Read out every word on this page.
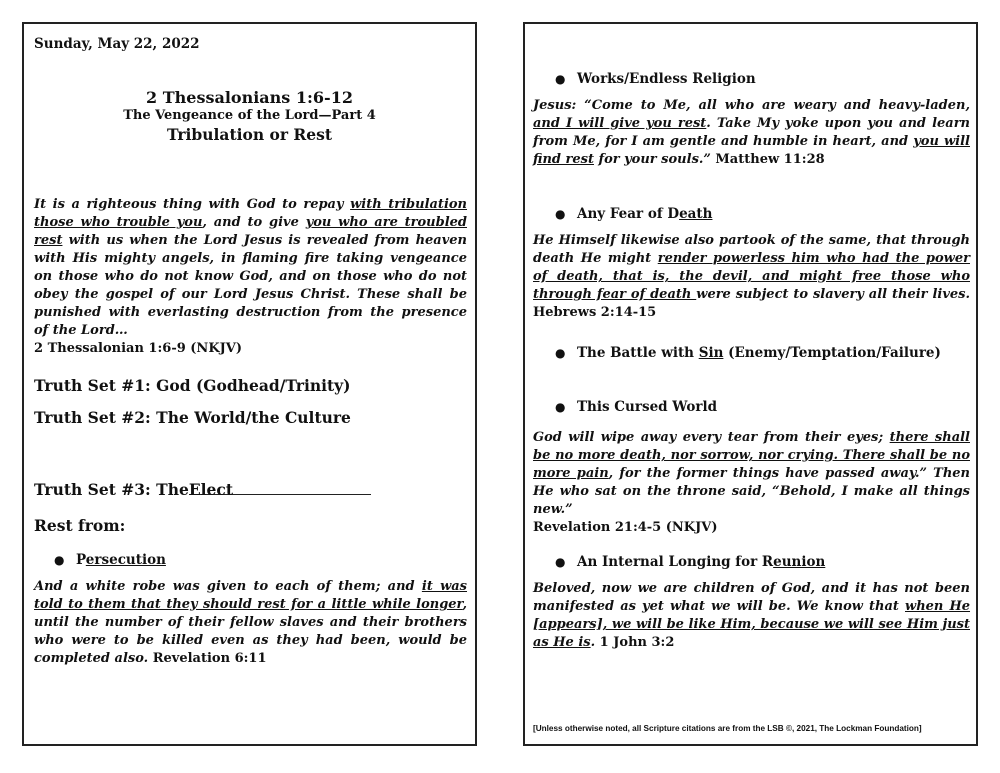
Sunday, May 22, 2022

2 Thessalonians 1:6-12

The Vengeance of the Lord—Part 4

Tribulation or Rest

It is a righteous thing with God to repay with tribulation those who trouble you, and to give you who are troubled rest with us when the Lord Jesus is revealed from heaven with His mighty angels, in flaming fire taking vengeance on those who do not know God, and on those who do not obey the gospel of our Lord Jesus Christ. These shall be punished with everlasting destruction from the presence of the Lord…
2 Thessalonian 1:6-9 (NKJV)

Truth Set #1: God (Godhead/Trinity)

Truth Set #2: The World/the Culture

Truth Set #3: TheElect

Rest from:

● Persecution

And a white robe was given to each of them; and it was told to them that they should rest for a little while longer, until the number of their fellow slaves and their brothers who were to be killed even as they had been, would be completed also. Revelation 6:11

● Works/Endless Religion

Jesus: “Come to Me, all who are weary and heavy-laden, and I will give you rest. Take My yoke upon you and learn from Me, for I am gentle and humble in heart, and you will find rest for your souls.” Matthew 11:28

● Any Fear of Death

He Himself likewise also partook of the same, that through death He might render powerless him who had the power of death, that is, the devil, and might free those who through fear of death were subject to slavery all their lives. Hebrews 2:14-15

● The Battle with Sin (Enemy/Temptation/Failure)

● This Cursed World

God will wipe away every tear from their eyes; there shall be no more death, nor sorrow, nor crying. There shall be no more pain, for the former things have passed away.” Then He who sat on the throne said, “Behold, I make all things new.”
Revelation 21:4-5 (NKJV)

● An Internal Longing for Reunion

Beloved, now we are children of God, and it has not been manifested as yet what we will be. We know that when He [appears], we will be like Him, because we will see Him just as He is. 1 John 3:2

[Unless otherwise noted, all Scripture citations are from the LSB ©, 2021, The Lockman Foundation]
